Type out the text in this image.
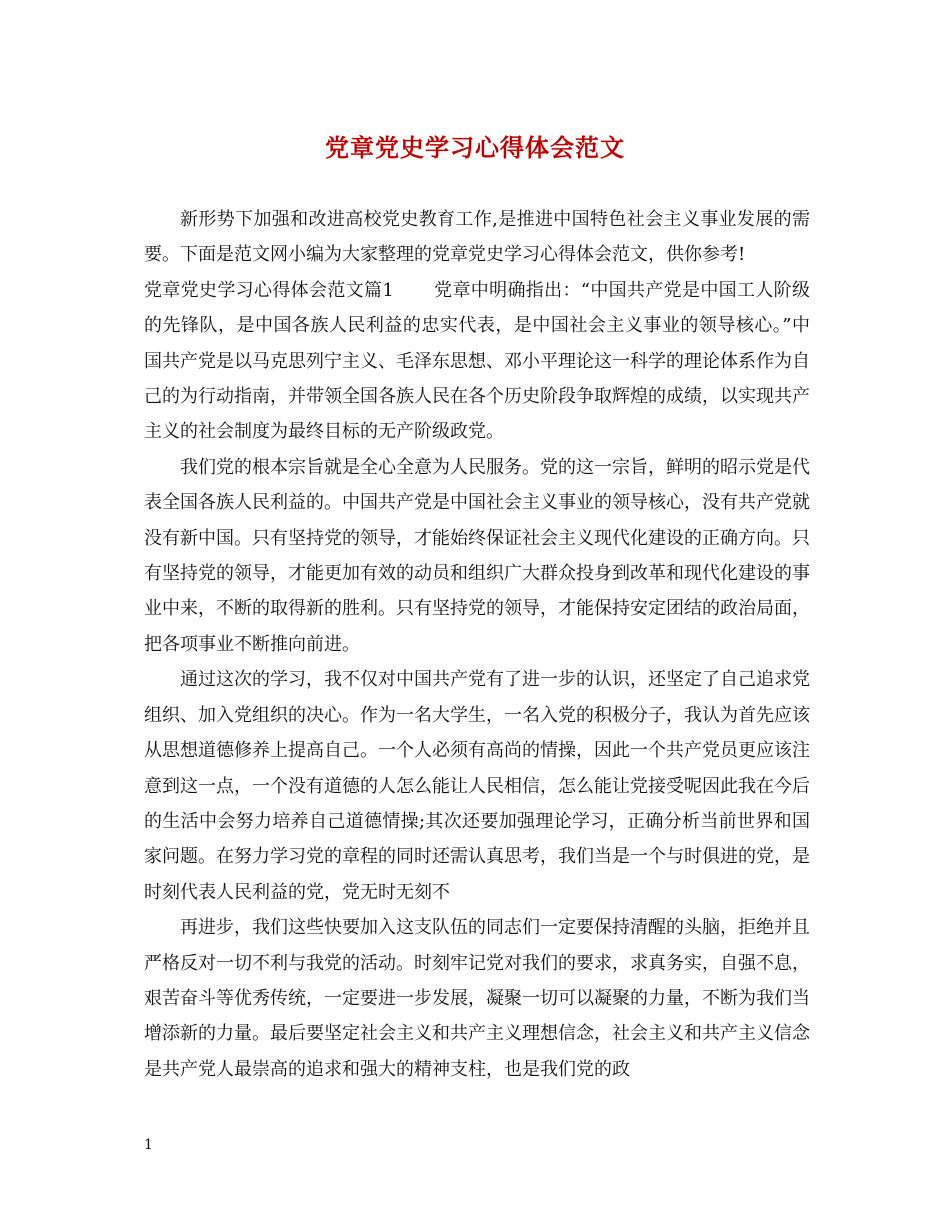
党章党史学习心得体会范文

新形势下加强和改进高校党史教育工作,是推进中国特色社会主义事业发展的需要。下面是范文网小编为大家整理的党章党史学习心得体会范文，供你参考!

党章党史学习心得体会范文篇1 党章中明确指出：“中国共产党是中国工人阶级的先锋队，是中国各族人民利益的忠实代表，是中国社会主义事业的领导核心。”中国共产党是以马克思列宁主义、毛泽东思想、邓小平理论这一科学的理论体系作为自己的为行动指南，并带领全国各族人民在各个历史阶段争取辉煌的成绩，以实现共产主义的社会制度为最终目标的无产阶级政党。

我们党的根本宗旨就是全心全意为人民服务。党的这一宗旨，鲜明的昭示党是代表全国各族人民利益的。中国共产党是中国社会主义事业的领导核心，没有共产党就没有新中国。只有坚持党的领导，才能始终保证社会主义现代化建设的正确方向。只有坚持党的领导，才能更加有效的动员和组织广大群众投身到改革和现代化建设的事业中来，不断的取得新的胜利。只有坚持党的领导，才能保持安定团结的政治局面，把各项事业不断推向前进。

通过这次的学习，我不仅对中国共产党有了进一步的认识，还坚定了自己追求党组织、加入党组织的决心。作为一名大学生，一名入党的积极分子，我认为首先应该从思想道德修养上提高自己。一个人必须有高尚的情操，因此一个共产党员更应该注意到这一点，一个没有道德的人怎么能让人民相信，怎么能让党接受呢因此我在今后的生活中会努力培养自己道德情操;其次还要加强理论学习，正确分析当前世界和国家问题。在努力学习党的章程的同时还需认真思考，我们当是一个与时俱进的党，是时刻代表人民利益的党，党无时无刻不

再进步，我们这些快要加入这支队伍的同志们一定要保持清醒的头脑，拒绝并且严格反对一切不利与我党的活动。时刻牢记党对我们的要求，求真务实，自强不息，艰苦奋斗等优秀传统，一定要进一步发展，凝聚一切可以凝聚的力量，不断为我们当增添新的力量。最后要坚定社会主义和共产主义理想信念，社会主义和共产主义信念是共产党人最崇高的追求和强大的精神支柱，也是我们党的政

1
